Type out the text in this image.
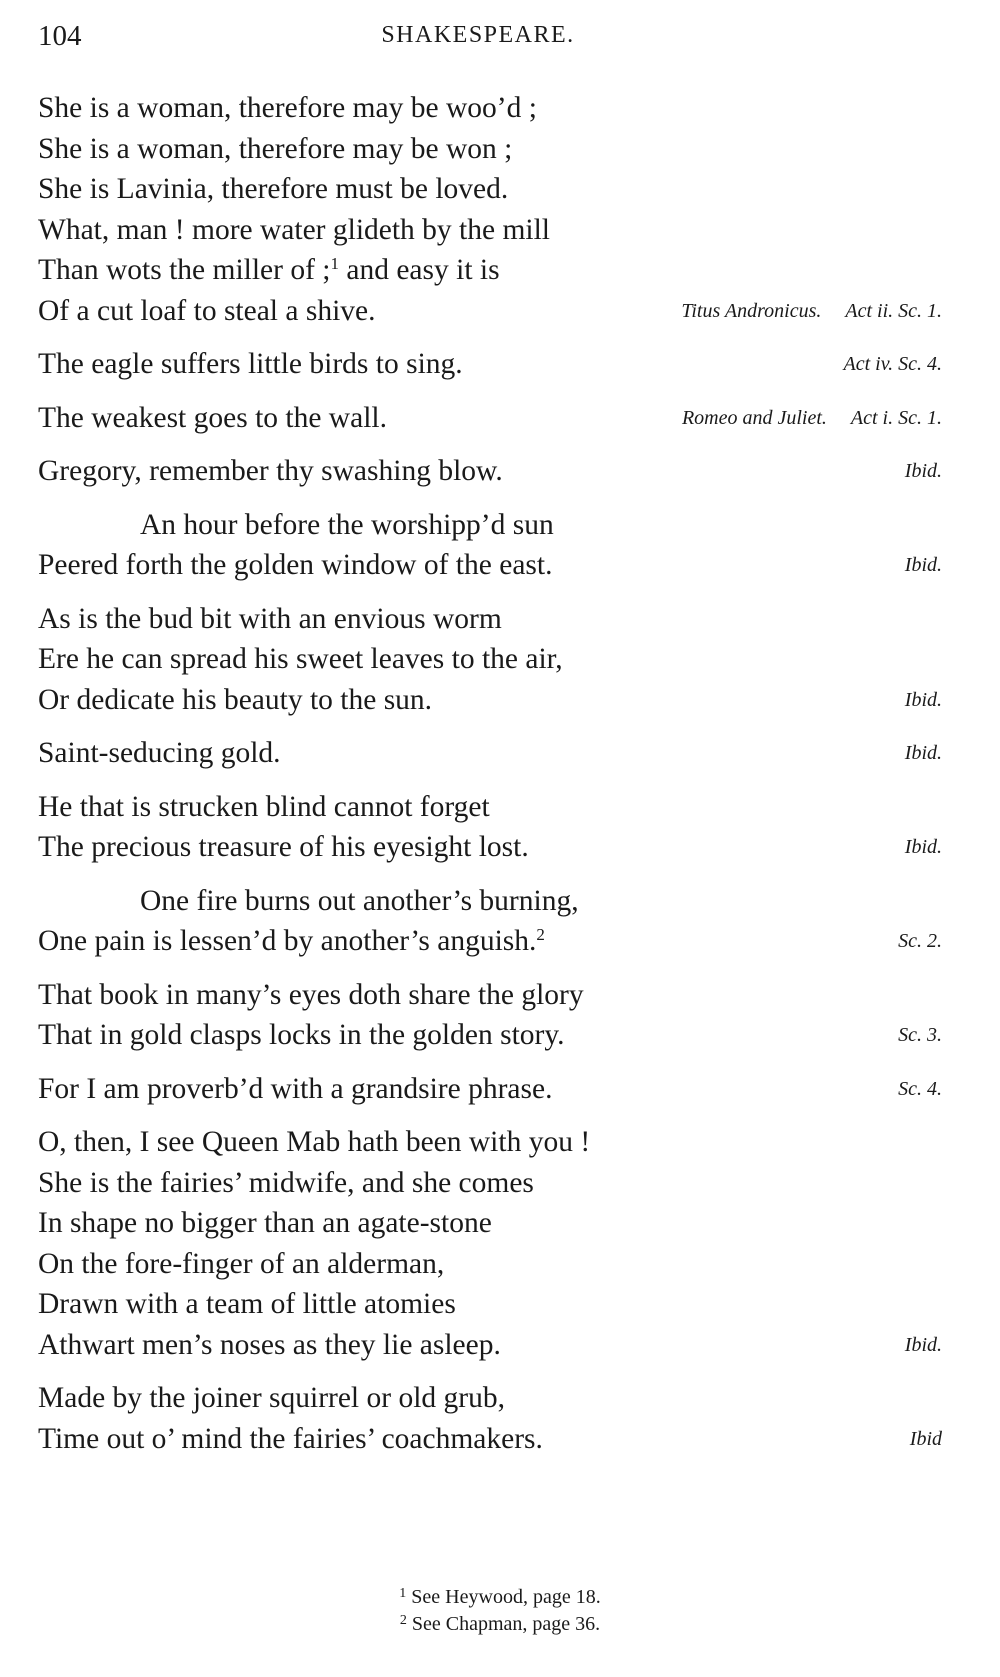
104	SHAKESPEARE.
She is a woman, therefore may be woo’d ;
She is a woman, therefore may be won ;
She is Lavinia, therefore must be loved.
What, man ! more water glideth by the mill
Than wots the miller of ;$^1$ and easy it is
Of a cut loaf to steal a shive.	Titus Andronicus. Act ii. Sc. 1.
The eagle suffers little birds to sing.	Act iv. Sc. 4.
The weakest goes to the wall.	Romeo and Juliet. Act i. Sc. 1.
Gregory, remember thy swashing blow.	Ibid.
An hour before the worshipp’d sun
Peered forth the golden window of the east.	Ibid.
As is the bud bit with an envious worm
Ere he can spread his sweet leaves to the air,
Or dedicate his beauty to the sun.	Ibid.
Saint-seducing gold.	Ibid.
He that is strucken blind cannot forget
The precious treasure of his eyesight lost.	Ibid.
One fire burns out another’s burning,
One pain is lessen’d by another’s anguish.$^2$	Sc. 2.
That book in many’s eyes doth share the glory
That in gold clasps locks in the golden story.	Sc. 3.
For I am proverb’d with a grandsire phrase.	Sc. 4.
O, then, I see Queen Mab hath been with you !
She is the fairies’ midwife, and she comes
In shape no bigger than an agate-stone
On the fore-finger of an alderman,
Drawn with a team of little atomies
Athwart men’s noses as they lie asleep.	Ibid.
Made by the joiner squirrel or old grub,
Time out o’ mind the fairies’ coachmakers.	Ibid
$^1$ See Heywood, page 18.
$^2$ See Chapman, page 36.
